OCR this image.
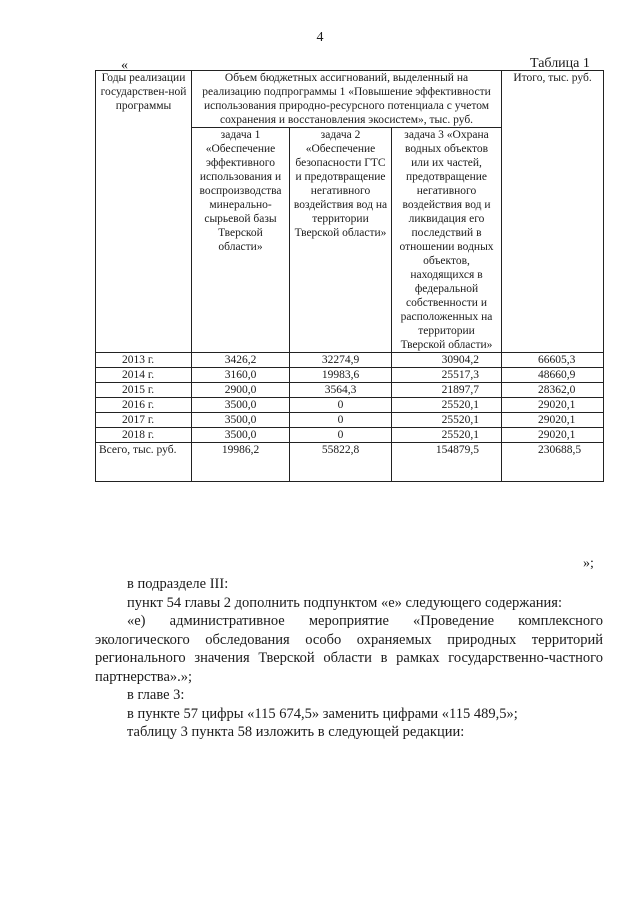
4
«	Таблица 1
Годы реализации государствен-ной программы	Объем бюджетных ассигнований, выделенный на реализацию подпрограммы 1 «Повышение эффективности использования природно-ресурсного потенциала с учетом сохранения и восстановления экосистем», тыс. руб.			Итого, тыс. руб.
	задача 1 «Обеспечение эффективного использования и воспроизводства минерально-сырьевой базы Тверской области»	задача 2 «Обеспечение безопасности ГТС и предотвращение негативного воздействия вод на территории Тверской области»	задача 3 «Охрана водных объектов или их частей, предотвращение негативного воздействия вод и ликвидация его последствий в отношении водных объектов, находящихся в федеральной собственности и расположенных на территории Тверской области»	
2013 г.	3426,2	32274,9	30904,2	66605,3
2014 г.	3160,0	19983,6	25517,3	48660,9
2015 г.	2900,0	3564,3	21897,7	28362,0
2016 г.	3500,0	0	25520,1	29020,1
2017 г.	3500,0	0	25520,1	29020,1
2018 г.	3500,0	0	25520,1	29020,1
Всего, тыс. руб.	19986,2	55822,8	154879,5	230688,5
»;

в подразделе III:

пункт 54 главы 2 дополнить подпунктом «е» следующего содержания:

«е) административное мероприятие «Проведение комплексного экологического обследования особо охраняемых природных территорий регионального значения Тверской области в рамках государственно-частного партнерства».»;

в главе 3:

в пункте 57 цифры «115 674,5» заменить цифрами «115 489,5»;

таблицу 3 пункта 58 изложить в следующей редакции:
